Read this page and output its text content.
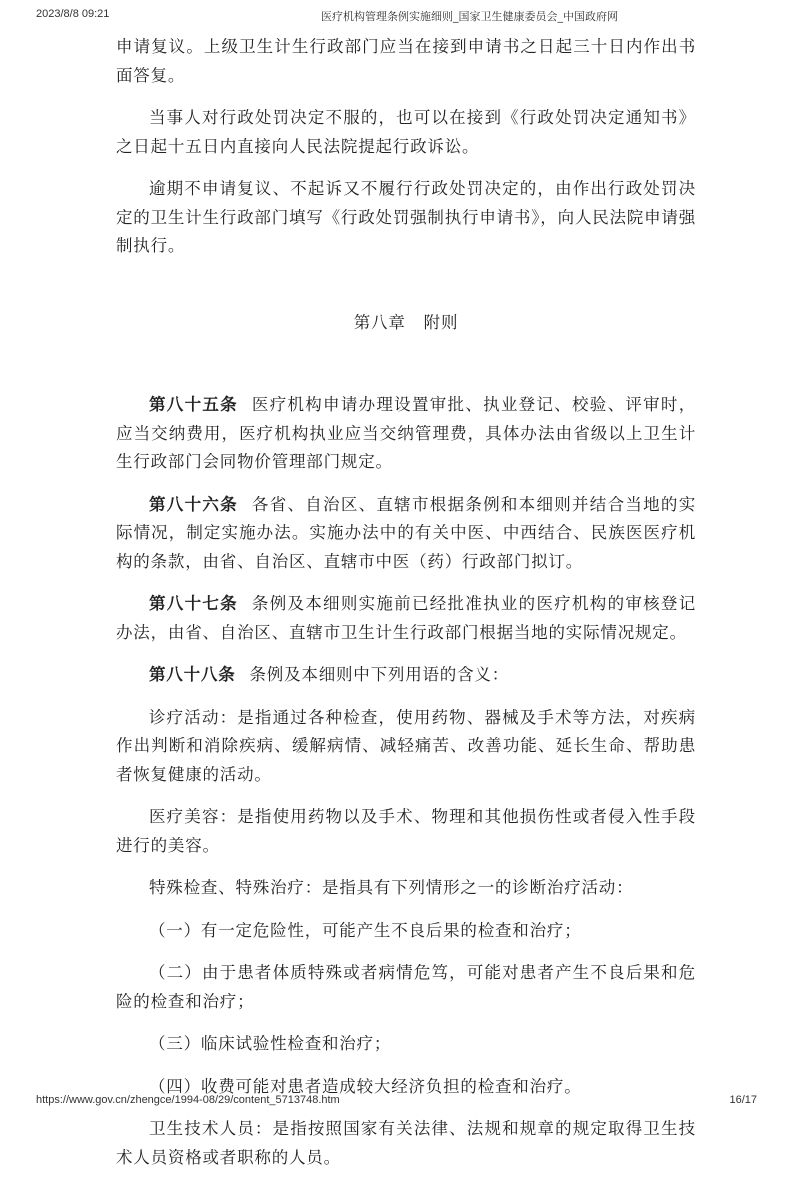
2023/8/8 09:21	医疗机构管理条例实施细则_国家卫生健康委员会_中国政府网

申请复议。上级卫生计生行政部门应当在接到申请书之日起三十日内作出书面答复。

当事人对行政处罚决定不服的，也可以在接到《行政处罚决定通知书》之日起十五日内直接向人民法院提起行政诉讼。

逾期不申请复议、不起诉又不履行行政处罚决定的，由作出行政处罚决定的卫生计生行政部门填写《行政处罚强制执行申请书》，向人民法院申请强制执行。

第八章 附则

第八十五条 医疗机构申请办理设置审批、执业登记、校验、评审时，应当交纳费用，医疗机构执业应当交纳管理费，具体办法由省级以上卫生计生行政部门会同物价管理部门规定。

第八十六条 各省、自治区、直辖市根据条例和本细则并结合当地的实际情况，制定实施办法。实施办法中的有关中医、中西结合、民族医医疗机构的条款，由省、自治区、直辖市中医（药）行政部门拟订。

第八十七条 条例及本细则实施前已经批准执业的医疗机构的审核登记办法，由省、自治区、直辖市卫生计生行政部门根据当地的实际情况规定。

第八十八条 条例及本细则中下列用语的含义：

诊疗活动：是指通过各种检查，使用药物、器械及手术等方法，对疾病作出判断和消除疾病、缓解病情、减轻痛苦、改善功能、延长生命、帮助患者恢复健康的活动。

医疗美容：是指使用药物以及手术、物理和其他损伤性或者侵入性手段进行的美容。

特殊检查、特殊治疗：是指具有下列情形之一的诊断治疗活动：

（一）有一定危险性，可能产生不良后果的检查和治疗；

（二）由于患者体质特殊或者病情危笃，可能对患者产生不良后果和危险的检查和治疗；

（三）临床试验性检查和治疗；

（四）收费可能对患者造成较大经济负担的检查和治疗。

卫生技术人员：是指按照国家有关法律、法规和规章的规定取得卫生技术人员资格或者职称的人员。

https://www.gov.cn/zhengce/1994-08/29/content_5713748.htm	16/17
